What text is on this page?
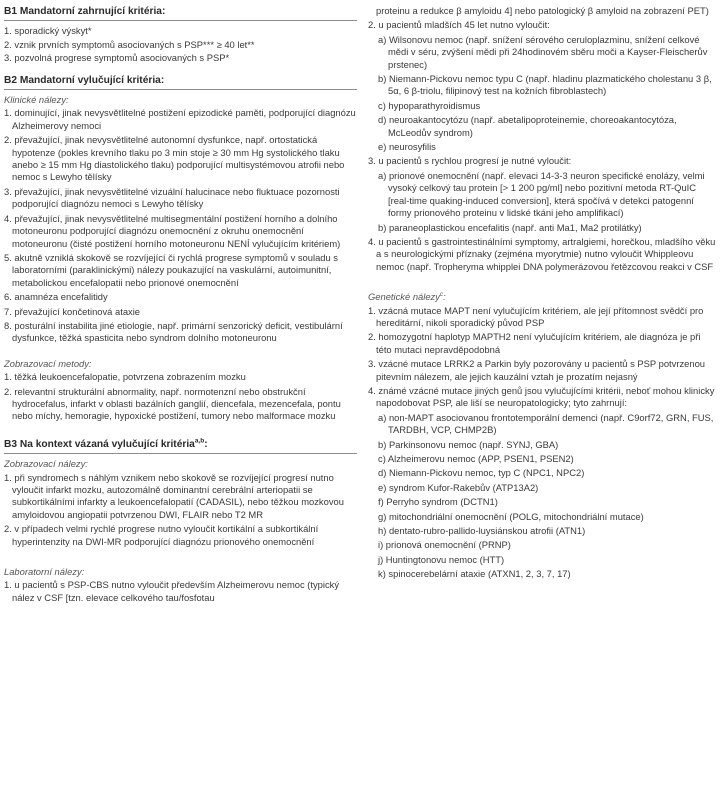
B1 Mandatorní zahrnující kritéria:
1. sporadický výskyt*
2. vznik prvních symptomů asociovaných s PSP*** ≥ 40 let**
3. pozvolná progrese symptomů asociovaných s PSP*
B2 Mandatorní vylučující kritéria:
Klinické nálezy:
1. dominující, jinak nevysvětlitelné postižení epizodické paměti, podporující diagnózu Alzheimerovy nemoci
2. převažující, jinak nevysvětlitelné autonomní dysfunkce, např. ortostatická hypotenze (pokles krevního tlaku po 3 min stoje ≥ 30 mm Hg systolického tlaku anebo ≥ 15 mm Hg diastolického tlaku) podporující multisystémovou atrofii nebo nemoc s Lewyho tělísky
3. převažující, jinak nevysvětlitelné vizuální halucinace nebo fluktuace pozornosti podporující diagnózu nemoci s Lewyho tělísky
4. převažující, jinak nevysvětlitelné multisegmentální postižení horního a dolního motoneuronu podporující diagnózu onemocnění z okruhu onemocnění motoneuronu (čisté postižení horního motoneuronu NENÍ vylučujícím kritériem)
5. akutně vzniklá skokově se rozvíjející či rychlá progrese symptomů v souladu s laboratorními (paraklinickými) nálezy poukazující na vaskulární, autoimunitní, metabolickou encefalopatii nebo prionové onemocnění
6. anamnéza encefalitidy
7. převažující končetinová ataxie
8. posturální instabilita jiné etiologie, např. primární senzorický deficit, vestibulární dysfunkce, těžká spasticita nebo syndrom dolního motoneuronu
Zobrazovací metody:
1. těžká leukoencefalopatie, potvrzena zobrazením mozku
2. relevantní strukturální abnormality, např. normotenzní nebo obstrukční hydrocefalus, infarkt v oblasti bazálních ganglií, diencefala, mezencefala, pontu nebo míchy, hemoragie, hypoxické postižení, tumory nebo malformace mozku
B3 Na kontext vázaná vylučující kritéria$^{a,b}$:
Zobrazovací nálezy:
1. při syndromech s náhlým vznikem nebo skokově se rozvíjející progresí nutno vyloučit infarkt mozku, autozomálně dominantní cerebrální arteriopatii se subkortikálními infarkty a leukoencefalopatií (CADASIL), nebo těžkou mozkovou amyloidovou angiopatii potvrzenou DWI, FLAIR nebo T2 MR
2. v případech velmi rychlé progrese nutno vyloučit kortikální a subkortikální hyperintenzity na DWI-MR podporující diagnózu prionového onemocnění
Laboratorní nálezy:
1. u pacientů s PSP-CBS nutno vyloučit především Alzheimerovu nemoc (typický nález v CSF [tzn. elevace celkového tau/fosfotau
proteinu a redukce β amyloidu 4] nebo patologický β amyloid na zobrazení PET)
2. u pacientů mladších 45 let nutno vyloučit:
a) Wilsonovu nemoc (např. snížení sérového ceruloplazminu, snížení celkové mědi v séru, zvýšení mědi při 24hodinovém sběru moči a Kayser-Fleischerův prstenec)
b) Niemann-Pickovu nemoc typu C (např. hladinu plazmatického cholestanu 3 β, 5α, 6 β-triolu, filipinový test na kožních fibroblastech)
c) hypoparathyroidismus
d) neuroakantocytózu (např. abetalipoproteinemie, choreoakantocytóza, McLeodův syndrom)
e) neurosyfilis
3. u pacientů s rychlou progresí je nutné vyloučit:
a) prionové onemocnění (např. elevaci 14-3-3 neuron specifické enolázy, velmi vysoký celkový tau protein [> 1 200 pg/ml] nebo pozitivní metoda RT-QuIC [real-time quaking-induced conversion], která spočívá v detekci patogenní formy prionového proteinu v lidské tkáni jeho amplifikací)
b) paraneoplastickou encefalitis (např. anti Ma1, Ma2 protilátky)
4. u pacientů s gastrointestinálními symptomy, artralgiemi, horečkou, mladšího věku a s neurologickými příznaky (zejména myorytmie) nutno vyloučit Whippleovu nemoc (např. Tropheryma whipplei DNA polymerázovou řetězcovou reakci v CSF
Genetické nálezy$^c$:
1. vzácná mutace MAPT není vylučujícím kritériem, ale její přítomnost svědčí pro hereditární, nikoli sporadický původ PSP
2. homozygotní haplotyp MAPTH2 není vylučujícím kritériem, ale diagnóza je při této mutaci nepravděpodobná
3. vzácné mutace LRRK2 a Parkin byly pozorovány u pacientů s PSP potvrzenou pitevním nálezem, ale jejich kauzální vztah je prozatím nejasný
4. známé vzácné mutace jiných genů jsou vylučujícími kritérii, neboť mohou klinicky napodobovat PSP, ale liší se neuropatologicky; tyto zahrnují:
a) non-MAPT asociovanou frontotemporální demenci (např. C9orf72, GRN, FUS, TARDBH, VCP, CHMP2B)
b) Parkinsonovu nemoc (např. SYNJ, GBA)
c) Alzheimerovu nemoc (APP, PSEN1, PSEN2)
d) Niemann-Pickovu nemoc, typ C (NPC1, NPC2)
e) syndrom Kufor-Rakebův (ATP13A2)
f) Perryho syndrom (DCTN1)
g) mitochondriální onemocnění (POLG, mitochondriální mutace)
h) dentato-rubro-pallido-luysiánskou atrofii (ATN1)
i) prionová onemocnění (PRNP)
j) Huntingtonovu nemoc (HTT)
k) spinocerebelární ataxie (ATXN1, 2, 3, 7, 17)
